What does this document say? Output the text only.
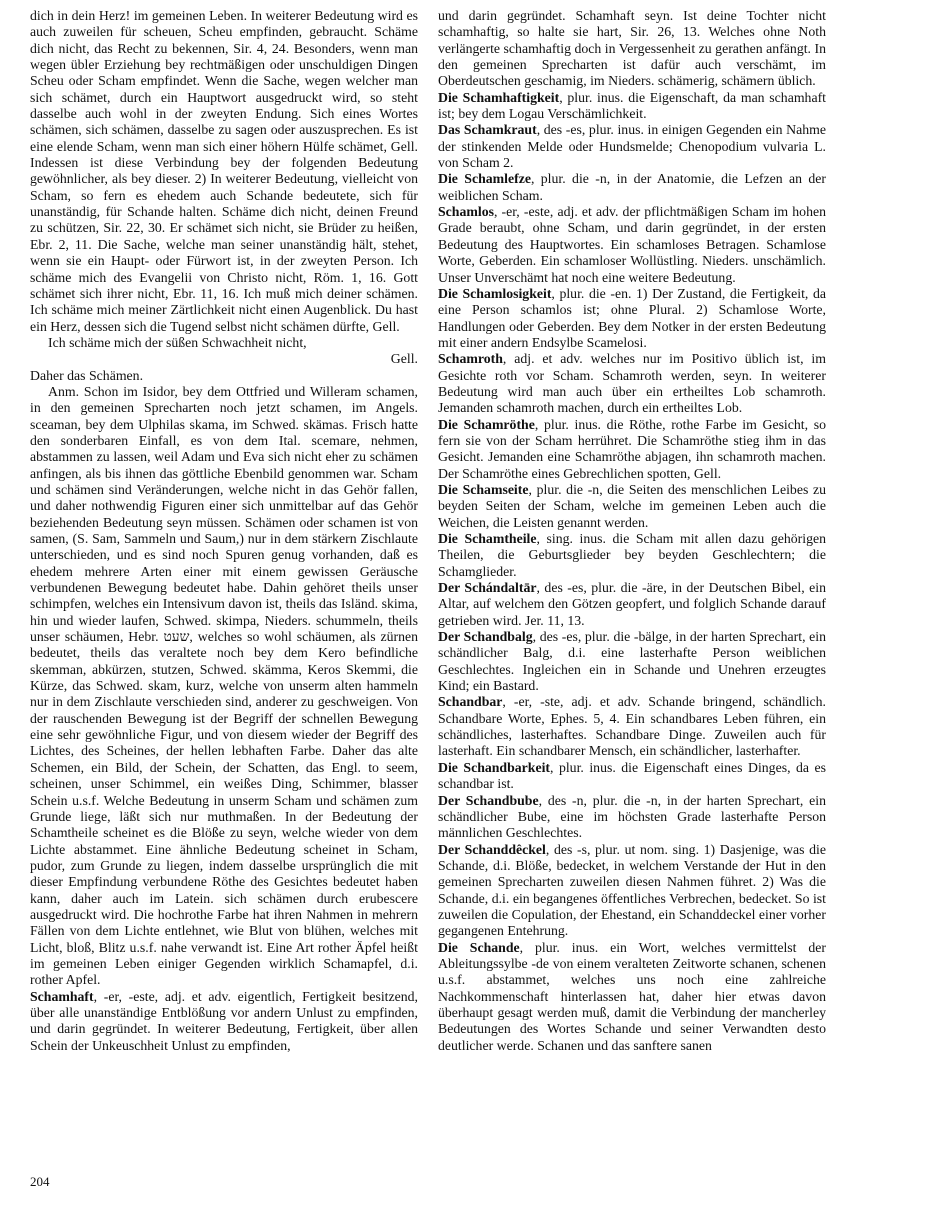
dich in dein Herz! im gemeinen Leben. In weiterer Bedeutung wird es auch zuweilen für scheuen, Scheu empfinden, gebraucht. Schäme dich nicht, das Recht zu bekennen, Sir. 4, 24. Besonders, wenn man wegen übler Erziehung bey rechtmäßigen oder unschuldigen Dingen Scheu oder Scham empfindet. Wenn die Sache, wegen welcher man sich schämet, durch ein Hauptwort ausgedruckt wird, so steht dasselbe auch wohl in der zweyten Endung. Sich eines Wortes schämen, sich schämen, dasselbe zu sagen oder auszusprechen. Es ist eine elende Scham, wenn man sich einer höhern Hülfe schämet, Gell. Indessen ist diese Verbindung bey der folgenden Bedeutung gewöhnlicher, als bey dieser. 2) In weiterer Bedeutung, vielleicht von Scham, so fern es ehedem auch Schande bedeutete, sich für unanständig, für Schande halten. Schäme dich nicht, deinen Freund zu schützen, Sir. 22, 30. Er schämet sich nicht, sie Brüder zu heißen, Ebr. 2, 11. Die Sache, welche man seiner unanständig hält, stehet, wenn sie ein Haupt- oder Fürwort ist, in der zweyten Person. Ich schäme mich des Evangelii von Christo nicht, Röm. 1, 16. Gott schämet sich ihrer nicht, Ebr. 11, 16. Ich muß mich deiner schämen. Ich schäme mich meiner Zärtlichkeit nicht einen Augenblick. Du hast ein Herz, dessen sich die Tugend selbst nicht schämen dürfte, Gell.

Ich schäme mich der süßen Schwachheit nicht,

Gell.

Daher das Schämen.

Anm. Schon im Isidor, bey dem Ottfried und Willeram schamen, in den gemeinen Sprecharten noch jetzt schamen, im Angels. sceaman, bey dem Ulphilas skama, im Schwed. skämas. Frisch hatte den sonderbaren Einfall, es von dem Ital. scemare, nehmen, abstammen zu lassen, weil Adam und Eva sich nicht eher zu schämen anfingen, als bis ihnen das göttliche Ebenbild genommen war. Scham und schämen sind Veränderungen, welche nicht in das Gehör fallen, und daher nothwendig Figuren einer sich unmittelbar auf das Gehör beziehenden Bedeutung seyn müssen. Schämen oder schamen ist von samen, (S. Sam, Sammeln und Saum,) nur in dem stärkern Zischlaute unterschieden, und es sind noch Spuren genug vorhanden, daß es ehedem mehrere Arten einer mit einem gewissen Geräusche verbundenen Bewegung bedeutet habe. Dahin gehöret theils unser schimpfen, welches ein Intensivum davon ist, theils das Isländ. skima, hin und wieder laufen, Schwed. skimpa, Nieders. schummeln, theils unser schäumen, Hebr. שעט, welches so wohl schäumen, als zürnen bedeutet, theils das veraltete noch bey dem Kero befindliche skemman, abkürzen, stutzen, Schwed. skämma, Keros Skemmi, die Kürze, das Schwed. skam, kurz, welche von unserm alten hammeln nur in dem Zischlaute verschieden sind, anderer zu geschweigen. Von der rauschenden Bewegung ist der Begriff der schnellen Bewegung eine sehr gewöhnliche Figur, und von diesem wieder der Begriff des Lichtes, des Scheines, der hellen lebhaften Farbe. Daher das alte Schemen, ein Bild, der Schein, der Schatten, das Engl. to seem, scheinen, unser Schimmel, ein weißes Ding, Schimmer, blasser Schein u.s.f. Welche Bedeutung in unserm Scham und schämen zum Grunde liege, läßt sich nur muthmaßen. In der Bedeutung der Schamtheile scheinet es die Blöße zu seyn, welche wieder von dem Lichte abstammet. Eine ähnliche Bedeutung scheinet in Scham, pudor, zum Grunde zu liegen, indem dasselbe ursprünglich die mit dieser Empfindung verbundene Röthe des Gesichtes bedeutet haben kann, daher auch im Latein. sich schämen durch erubescere ausgedruckt wird. Die hochrothe Farbe hat ihren Nahmen in mehrern Fällen von dem Lichte entlehnet, wie Blut von blühen, welches mit Licht, bloß, Blitz u.s.f. nahe verwandt ist. Eine Art rother Äpfel heißt im gemeinen Leben einiger Gegenden wirklich Schamapfel, d.i. rother Apfel.

Schamhaft, -er, -este, adj. et adv. eigentlich, Fertigkeit besitzend, über alle unanständige Entblößung vor andern Unlust zu empfinden, und darin gegründet. In weiterer Bedeutung, Fertigkeit, über allen Schein der Unkeuschheit Unlust zu empfinden,

und darin gegründet. Schamhaft seyn. Ist deine Tochter nicht schamhaftig, so halte sie hart, Sir. 26, 13. Welches ohne Noth verlängerte schamhaftig doch in Vergessenheit zu gerathen anfängt. In den gemeinen Sprecharten ist dafür auch verschämt, im Oberdeutschen geschamig, im Nieders. schämerig, schämern üblich.

Die Schamhaftigkeit, plur. inus. die Eigenschaft, da man schamhaft ist; bey dem Logau Verschämlichkeit.

Das Schamkraut, des -es, plur. inus. in einigen Gegenden ein Nahme der stinkenden Melde oder Hundsmelde; Chenopodium vulvaria L. von Scham 2.

Die Schamlefze, plur. die -n, in der Anatomie, die Lefzen an der weiblichen Scham.

Schamlos, -er, -este, adj. et adv. der pflichtmäßigen Scham im hohen Grade beraubt, ohne Scham, und darin gegründet, in der ersten Bedeutung des Hauptwortes. Ein schamloses Betragen. Schamlose Worte, Geberden. Ein schamloser Wollüstling. Nieders. unschämlich. Unser Unverschämt hat noch eine weitere Bedeutung.

Die Schamlosigkeit, plur. die -en. 1) Der Zustand, die Fertigkeit, da eine Person schamlos ist; ohne Plural. 2) Schamlose Worte, Handlungen oder Geberden. Bey dem Notker in der ersten Bedeutung mit einer andern Endsylbe Scamelosi.

Schamroth, adj. et adv. welches nur im Positivo üblich ist, im Gesichte roth vor Scham. Schamroth werden, seyn. In weiterer Bedeutung wird man auch über ein ertheiltes Lob schamroth. Jemanden schamroth machen, durch ein ertheiltes Lob.

Die Schamröthe, plur. inus. die Röthe, rothe Farbe im Gesicht, so fern sie von der Scham herrühret. Die Schamröthe stieg ihm in das Gesicht. Jemanden eine Schamröthe abjagen, ihn schamroth machen. Der Schamröthe eines Gebrechlichen spotten, Gell.

Die Schamseite, plur. die -n, die Seiten des menschlichen Leibes zu beyden Seiten der Scham, welche im gemeinen Leben auch die Weichen, die Leisten genannt werden.

Die Schamtheile, sing. inus. die Scham mit allen dazu gehörigen Theilen, die Geburtsglieder bey beyden Geschlechtern; die Schamglieder.

Der Schándaltār, des -es, plur. die -äre, in der Deutschen Bibel, ein Altar, auf welchem den Götzen geopfert, und folglich Schande darauf getrieben wird. Jer. 11, 13.

Der Schandbalg, des -es, plur. die -bälge, in der harten Sprechart, ein schändlicher Balg, d.i. eine lasterhafte Person weiblichen Geschlechtes. Ingleichen ein in Schande und Unehren erzeugtes Kind; ein Bastard.

Schandbar, -er, -ste, adj. et adv. Schande bringend, schändlich. Schandbare Worte, Ephes. 5, 4. Ein schandbares Leben führen, ein schändliches, lasterhaftes. Schandbare Dinge. Zuweilen auch für lasterhaft. Ein schandbarer Mensch, ein schändlicher, lasterhafter.

Die Schandbarkeit, plur. inus. die Eigenschaft eines Dinges, da es schandbar ist.

Der Schandbube, des -n, plur. die -n, in der harten Sprechart, ein schändlicher Bube, eine im höchsten Grade lasterhafte Person männlichen Geschlechtes.

Der Schanddêckel, des -s, plur. ut nom. sing. 1) Dasjenige, was die Schande, d.i. Blöße, bedecket, in welchem Verstande der Hut in den gemeinen Sprecharten zuweilen diesen Nahmen führet. 2) Was die Schande, d.i. ein begangenes öffentliches Verbrechen, bedecket. So ist zuweilen die Copulation, der Ehestand, ein Schanddeckel einer vorher gegangenen Entehrung.

Die Schande, plur. inus. ein Wort, welches vermittelst der Ableitungssylbe -de von einem veralteten Zeitworte schanen, schenen u.s.f. abstammet, welches uns noch eine zahlreiche Nachkommenschaft hinterlassen hat, daher hier etwas davon überhaupt gesagt werden muß, damit die Verbindung der mancherley Bedeutungen des Wortes Schande und seiner Verwandten desto deutlicher werde. Schanen und das sanftere sanen

204
